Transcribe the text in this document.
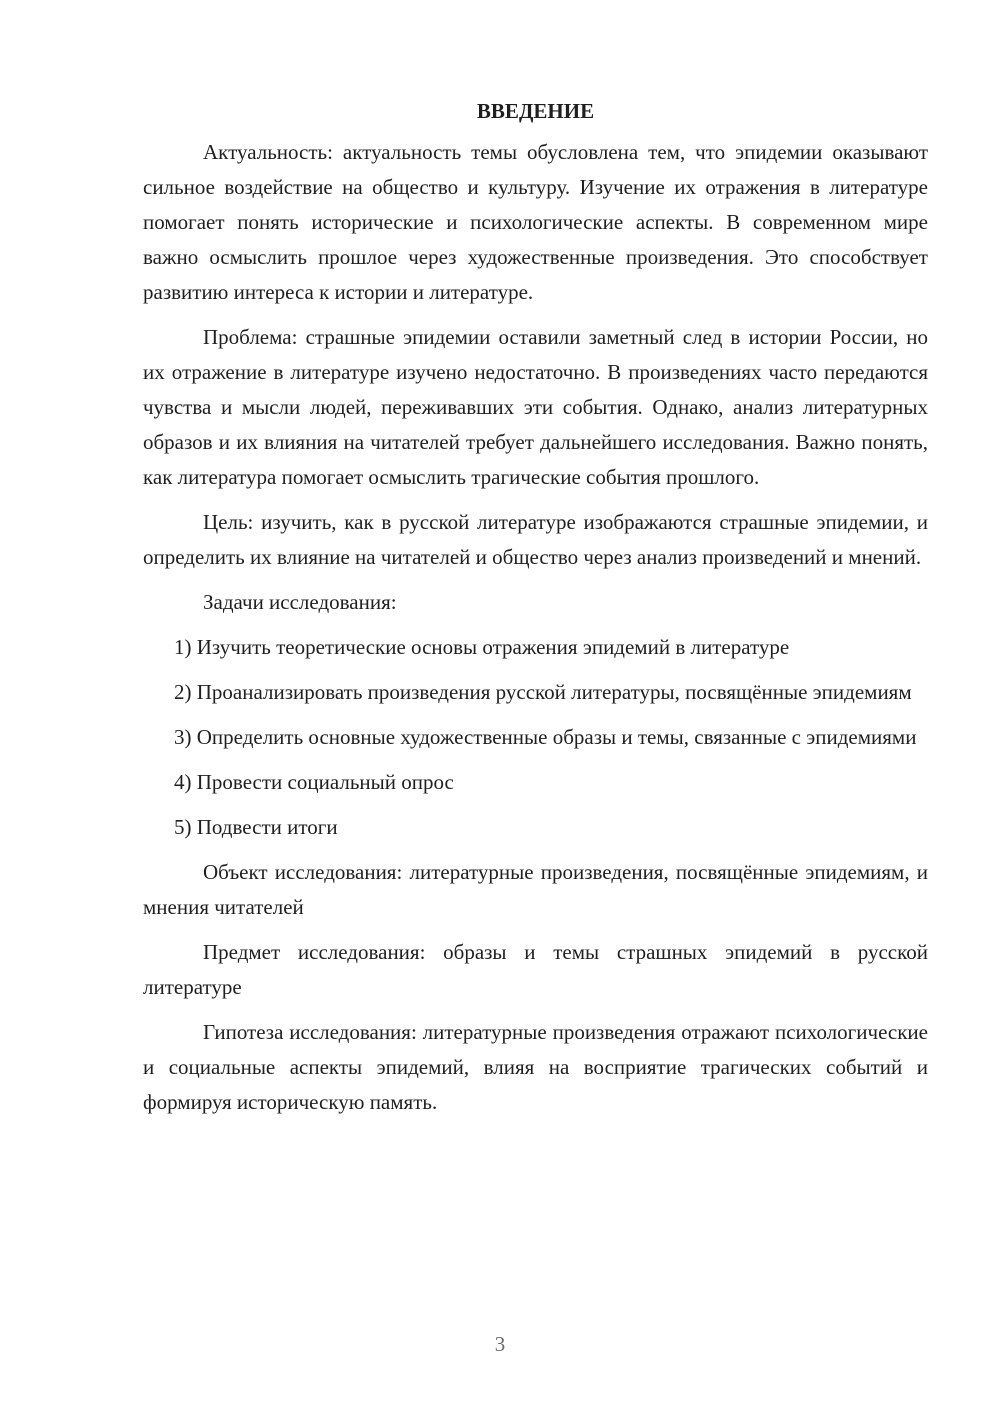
ВВЕДЕНИЕ

Актуальность: актуальность темы обусловлена тем, что эпидемии оказывают сильное воздействие на общество и культуру. Изучение их отражения в литературе помогает понять исторические и психологические аспекты. В современном мире важно осмыслить прошлое через художественные произведения. Это способствует развитию интереса к истории и литературе.

Проблема: страшные эпидемии оставили заметный след в истории России, но их отражение в литературе изучено недостаточно. В произведениях часто передаются чувства и мысли людей, переживавших эти события. Однако, анализ литературных образов и их влияния на читателей требует дальнейшего исследования. Важно понять, как литература помогает осмыслить трагические события прошлого.

Цель: изучить, как в русской литературе изображаются страшные эпидемии, и определить их влияние на читателей и общество через анализ произведений и мнений.

Задачи исследования:

1) Изучить теоретические основы отражения эпидемий в литературе

2) Проанализировать произведения русской литературы, посвящённые эпидемиям

3) Определить основные художественные образы и темы, связанные с эпидемиями

4) Провести социальный опрос

5) Подвести итоги

Объект исследования: литературные произведения, посвящённые эпидемиям, и мнения читателей

Предмет исследования: образы и темы страшных эпидемий в русской литературе

Гипотеза исследования: литературные произведения отражают психологические и социальные аспекты эпидемий, влияя на восприятие трагических событий и формируя историческую память.

3
